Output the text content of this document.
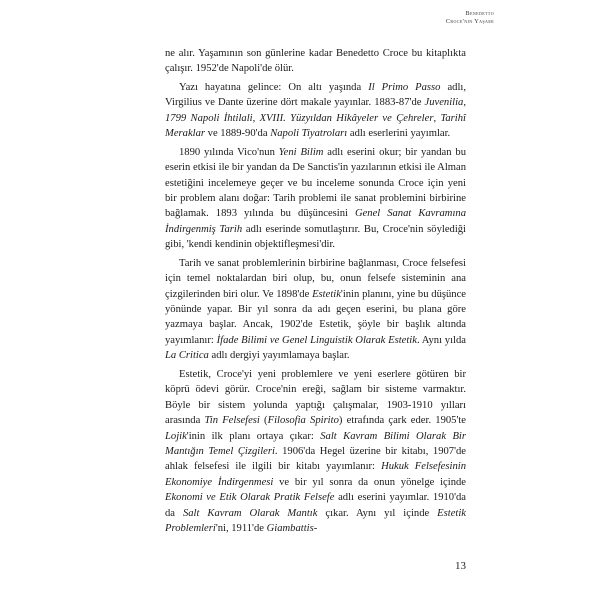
Benedetto
Croce'nin Yaşamı

ne alır. Yaşamının son günlerine kadar Benedetto Croce bu kitaplıkta çalışır. 1952'de Napoli'de ölür.

Yazı hayatına gelince: On altı yaşında Il Primo Passo adlı, Virgilius ve Dante üzerine dört makale yayınlar. 1883-87'de Juvenilia, 1799 Napoli İhtilali, XVIII. Yüzyıldan Hikâyeler ve Çehreler, Tarihî Meraklar ve 1889-90'da Napoli Tiyatroları adlı eserlerini yayımlar.

1890 yılında Vico'nun Yeni Bilim adlı eserini okur; bir yandan bu eserin etkisi ile bir yandan da De Sanctis'in yazılarının etkisi ile Alman estetiğini incelemeye geçer ve bu inceleme sonunda Croce için yeni bir problem alanı doğar: Tarih problemi ile sanat problemini birbirine bağlamak. 1893 yılında bu düşüncesini Genel Sanat Kavramına İndirgenmiş Tarih adlı eserinde somutlaştırır. Bu, Croce'nin söylediği gibi, 'kendi kendinin objektifleşmesi'dir.

Tarih ve sanat problemlerinin birbirine bağlanması, Croce felsefesi için temel noktalardan biri olup, bu, onun felsefe sisteminin ana çizgilerinden biri olur. Ve 1898'de Estetik'inin planını, yine bu düşünce yönünde yapar. Bir yıl sonra da adı geçen eserini, bu plana göre yazmaya başlar. Ancak, 1902'de Estetik, şöyle bir başlık altında yayımlanır: İfade Bilimi ve Genel Linguistik Olarak Estetik. Aynı yılda La Critica adlı dergiyi yayımlamaya başlar.

Estetik, Croce'yi yeni problemlere ve yeni eserlere götüren bir köprü ödevi görür. Croce'nin ereği, sağlam bir sisteme varmaktır. Böyle bir sistem yolunda yaptığı çalışmalar, 1903-1910 yılları arasında Tin Felsefesi (Filosofia Spirito) etrafında çark eder. 1905'te Lojik'inin ilk planı ortaya çıkar: Salt Kavram Bilimi Olarak Bir Mantığın Temel Çizgileri. 1906'da Hegel üzerine bir kitabı, 1907'de ahlak felsefesi ile ilgili bir kitabı yayımlanır: Hukuk Felsefesinin Ekonomiye İndirgenmesi ve bir yıl sonra da onun yönelge içinde Ekonomi ve Etik Olarak Pratik Felsefe adlı eserini yayımlar. 1910'da da Salt Kavram Olarak Mantık çıkar. Aynı yıl içinde Estetik Problemleri'ni, 1911'de Giambattis-

13
